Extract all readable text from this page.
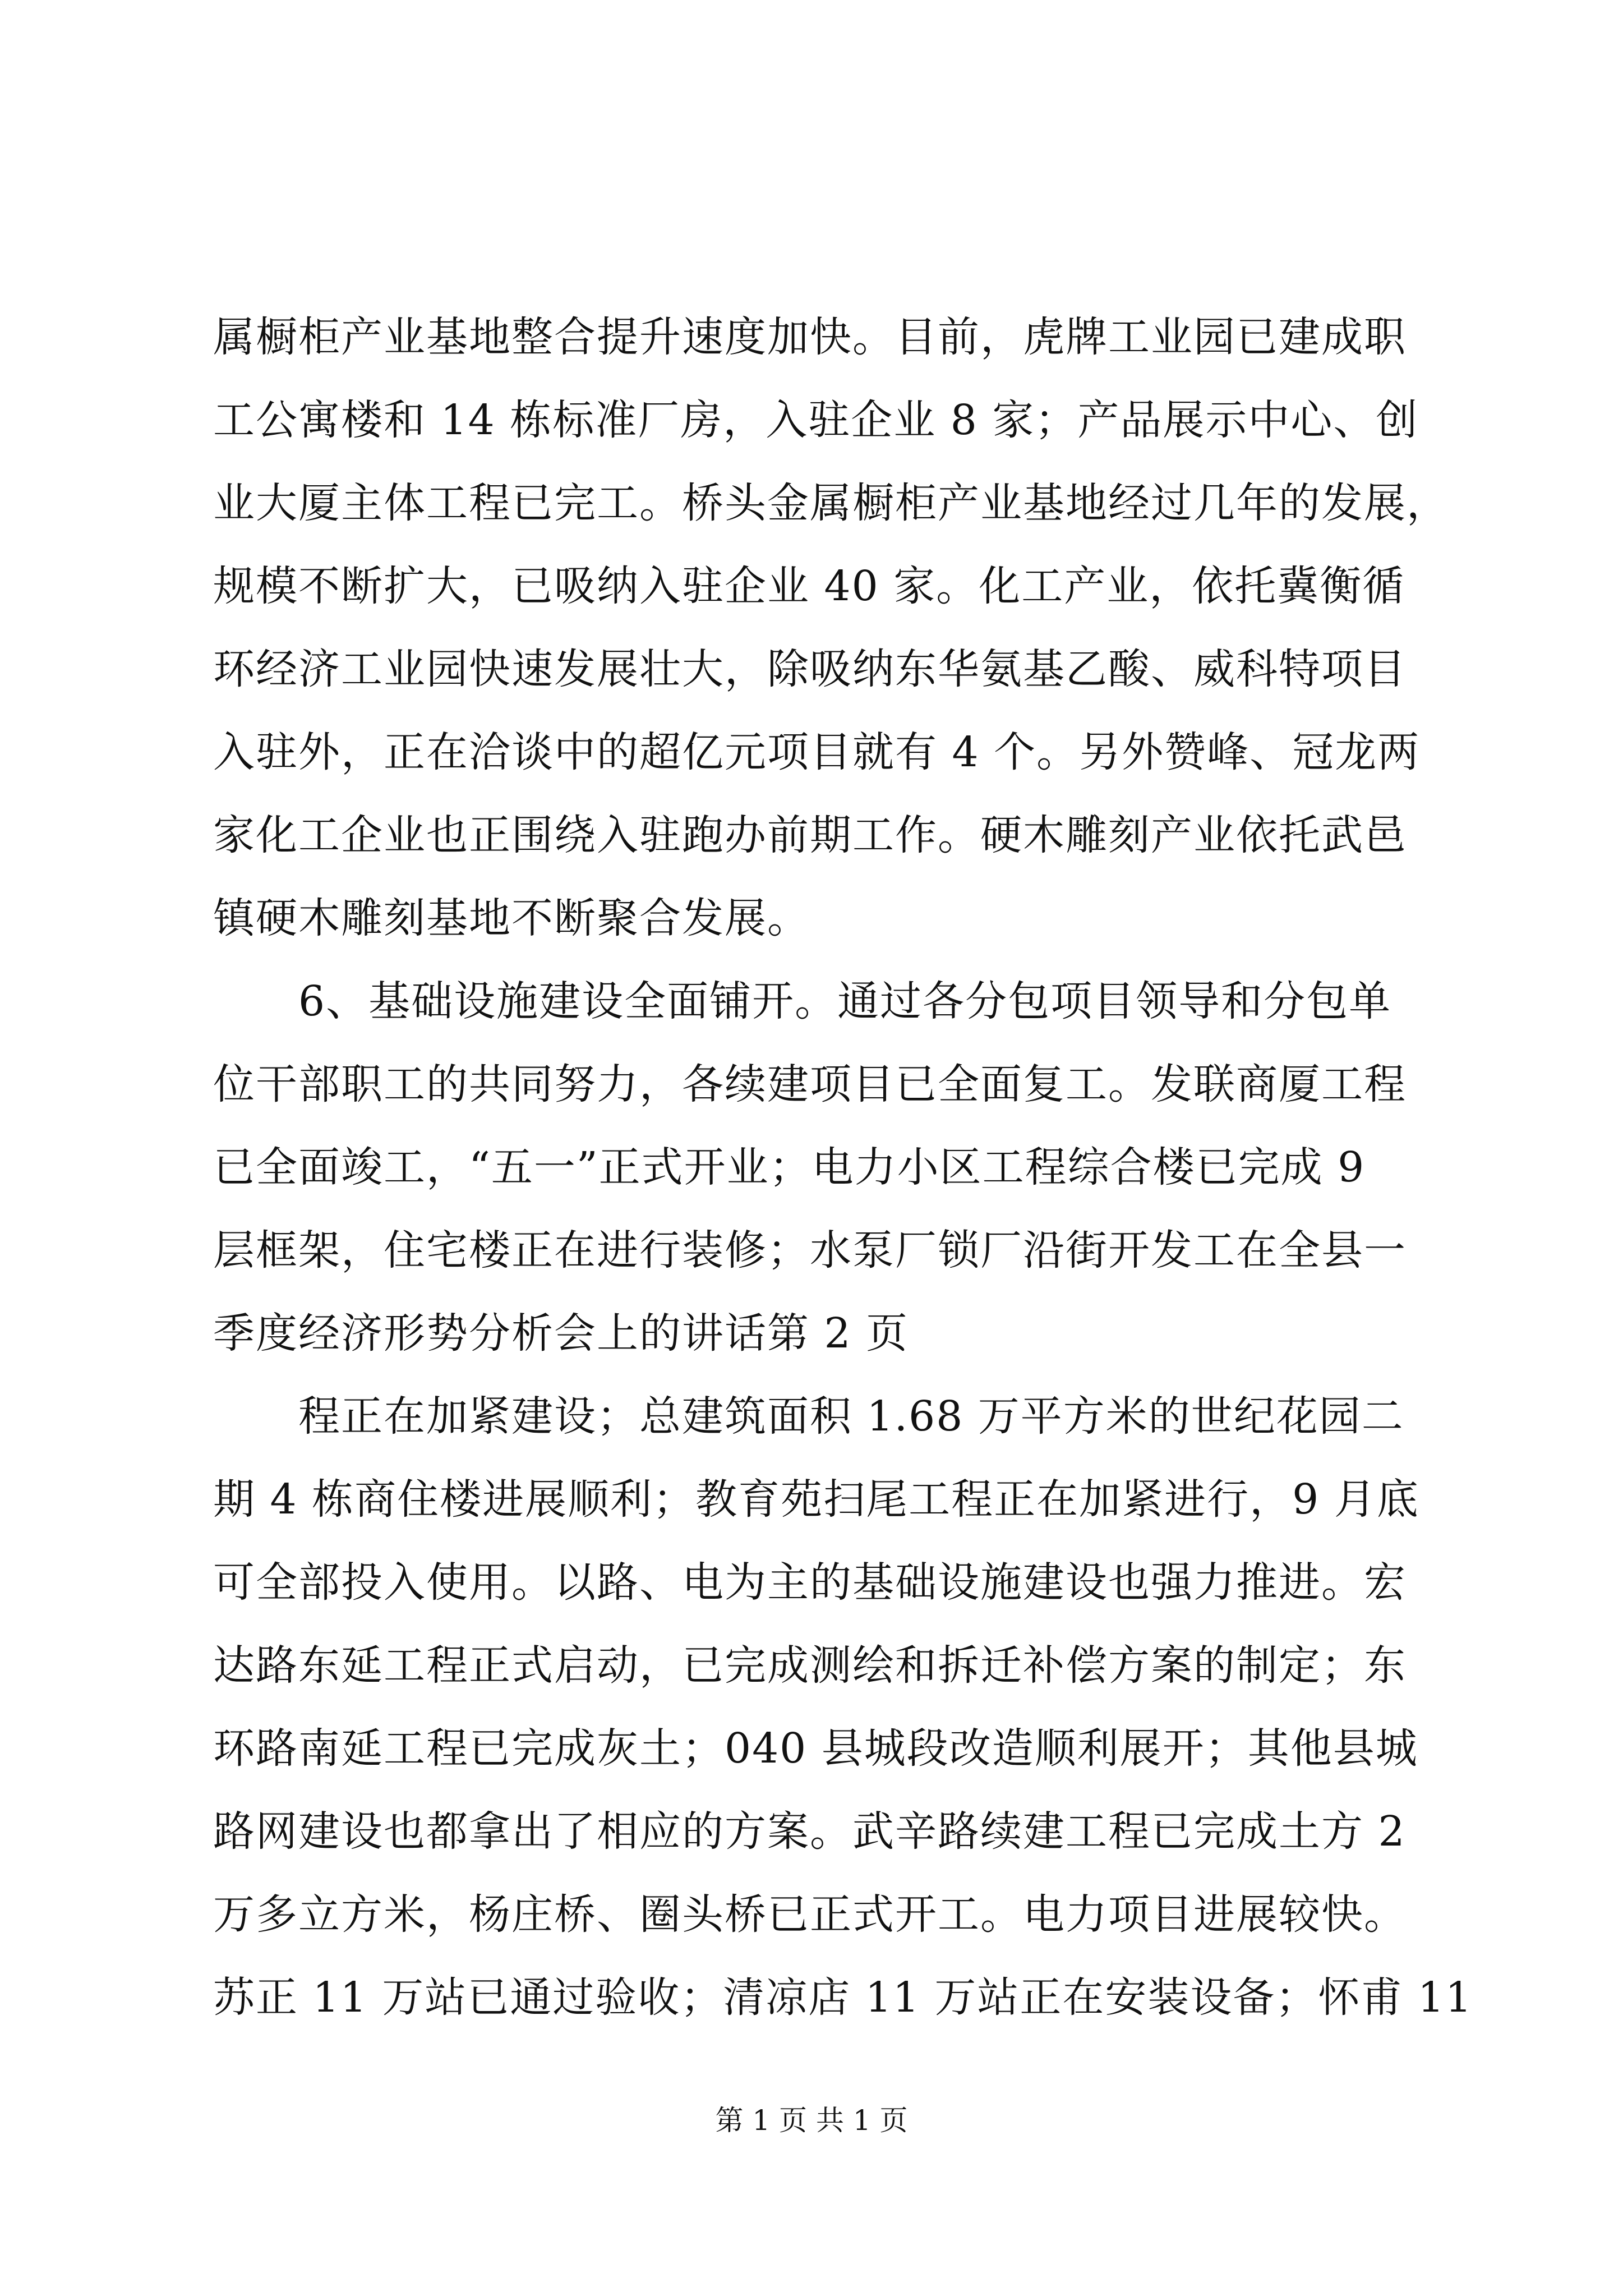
属橱柜产业基地整合提升速度加快。目前，虎牌工业园已建成职
工公寓楼和 14 栋标准厂房，入驻企业 8 家；产品展示中心、创
业大厦主体工程已完工。桥头金属橱柜产业基地经过几年的发展，
规模不断扩大，已吸纳入驻企业 40 家。化工产业，依托冀衡循
环经济工业园快速发展壮大，除吸纳东华氨基乙酸、威科特项目
入驻外，正在洽谈中的超亿元项目就有 4 个。另外赞峰、冠龙两
家化工企业也正围绕入驻跑办前期工作。硬木雕刻产业依托武邑
镇硬木雕刻基地不断聚合发展。
　　6、基础设施建设全面铺开。通过各分包项目领导和分包单
位干部职工的共同努力，各续建项目已全面复工。发联商厦工程
已全面竣工，“五一”正式开业；电力小区工程综合楼已完成 9
层框架，住宅楼正在进行装修；水泵厂锁厂沿街开发工在全县一
季度经济形势分析会上的讲话第 2 页
　　程正在加紧建设；总建筑面积 1.68 万平方米的世纪花园二
期 4 栋商住楼进展顺利；教育苑扫尾工程正在加紧进行，9 月底
可全部投入使用。以路、电为主的基础设施建设也强力推进。宏
达路东延工程正式启动，已完成测绘和拆迁补偿方案的制定；东
环路南延工程已完成灰土；040 县城段改造顺利展开；其他县城
路网建设也都拿出了相应的方案。武辛路续建工程已完成土方 2
万多立方米，杨庄桥、圈头桥已正式开工。电力项目进展较快。
苏正 11 万站已通过验收；清凉店 11 万站正在安装设备；怀甫 11
第 1 页 共 1 页
